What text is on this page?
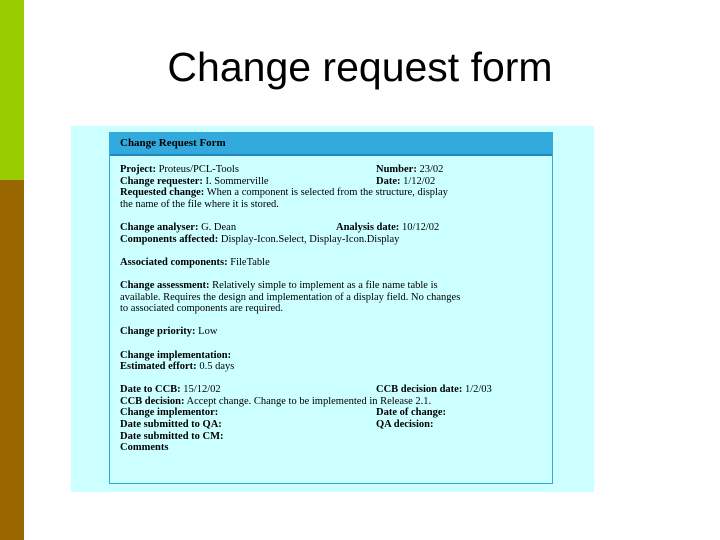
Change request form
Change Request Form
Project: Proteus/PCL-Tools	Number: 23/02
Change requester: I. Sommerville	Date: 1/12/02
Requested change: When a component is selected from the structure, display
the name of the file where it is stored.
Change analyser: G. Dean	Analysis date: 10/12/02
Components affected: Display-Icon.Select, Display-Icon.Display
Associated components: FileTable
Change assessment: Relatively simple to implement as a file name table is
available. Requires the design and implementation of a display field. No changes
to associated components are required.
Change priority: Low
Change implementation:
Estimated effort: 0.5 days
Date to CCB: 15/12/02	CCB decision date: 1/2/03
CCB decision: Accept change. Change to be implemented in Release 2.1.
Change implementor:	Date of change:
Date submitted to QA:	QA decision:
Date submitted to CM:
Comments
